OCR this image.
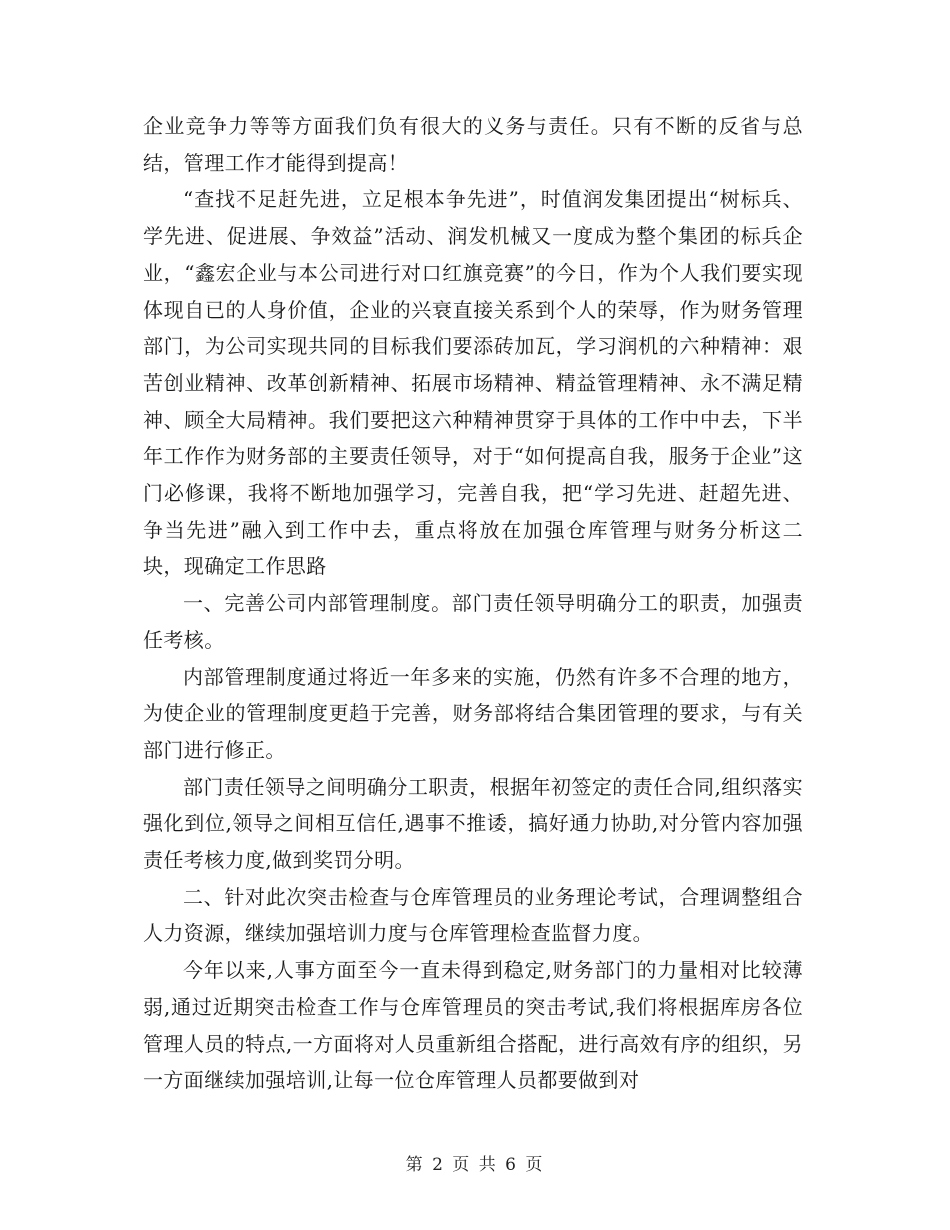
企业竞争力等等方面我们负有很大的义务与责任。只有不断的反省与总结，管理工作才能得到提高！

“查找不足赶先进，立足根本争先进”，时值润发集团提出“树标兵、学先进、促进展、争效益”活动、润发机械又一度成为整个集团的标兵企业，“鑫宏企业与本公司进行对口红旗竞赛”的今日，作为个人我们要实现体现自已的人身价值，企业的兴衰直接关系到个人的荣辱，作为财务管理部门，为公司实现共同的目标我们要添砖加瓦，学习润机的六种精神：艰苦创业精神、改革创新精神、拓展市场精神、精益管理精神、永不满足精神、顾全大局精神。我们要把这六种精神贯穿于具体的工作中中去，下半年工作作为财务部的主要责任领导，对于“如何提高自我，服务于企业”这门必修课，我将不断地加强学习，完善自我，把“学习先进、赶超先进、争当先进”融入到工作中去，重点将放在加强仓库管理与财务分析这二块，现确定工作思路

一、完善公司内部管理制度。部门责任领导明确分工的职责，加强责任考核。

内部管理制度通过将近一年多来的实施，仍然有许多不合理的地方，为使企业的管理制度更趋于完善，财务部将结合集团管理的要求，与有关部门进行修正。

部门责任领导之间明确分工职责，根据年初签定的责任合同,组织落实强化到位,领导之间相互信任,遇事不推诿，搞好通力协助,对分管内容加强责任考核力度,做到奖罚分明。

二、针对此次突击检查与仓库管理员的业务理论考试，合理调整组合人力资源，继续加强培训力度与仓库管理检查监督力度。

今年以来,人事方面至今一直未得到稳定,财务部门的力量相对比较薄弱,通过近期突击检查工作与仓库管理员的突击考试,我们将根据库房各位管理人员的特点,一方面将对人员重新组合搭配，进行高效有序的组织，另一方面继续加强培训,让每一位仓库管理人员都要做到对

第 2 页 共 6 页
